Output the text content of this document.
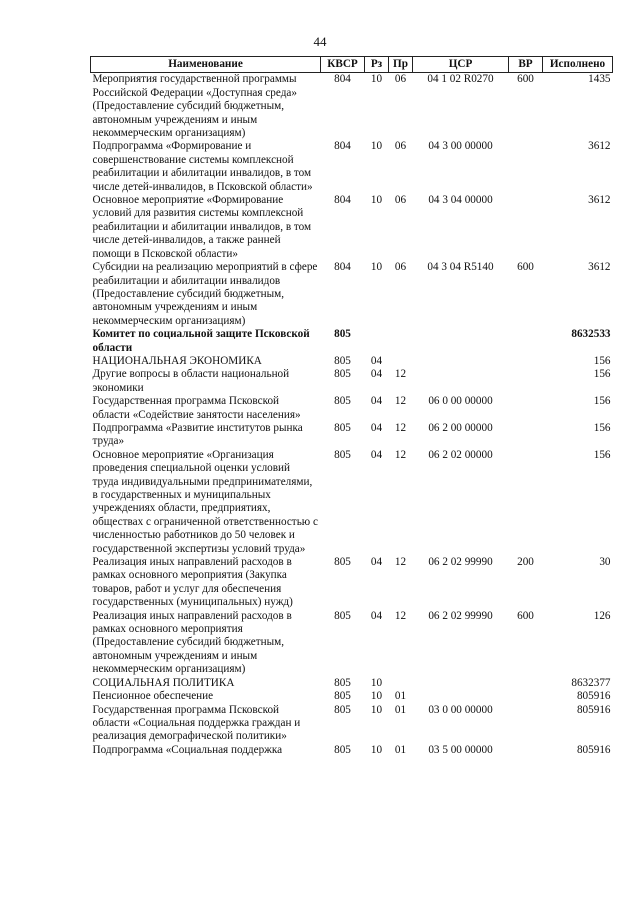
44
Наименование	КВСР	Рз	Пр	ЦСР	ВР	Исполнено
Мероприятия государственной программы Российской Федерации «Доступная среда» (Предоставление субсидий бюджетным, автономным учреждениям и иным некоммерческим организациям)	804	10	06	04 1 02 R0270	600	1435
Подпрограмма «Формирование и совершенствование системы комплексной реабилитации и абилитации инвалидов, в том числе детей-инвалидов, в Псковской области»	804	10	06	04 3 00 00000		3612
Основное мероприятие «Формирование условий для развития системы комплексной реабилитации и абилитации инвалидов, в том числе детей-инвалидов, а также ранней помощи в Псковской области»	804	10	06	04 3 04 00000		3612
Субсидии на реализацию мероприятий в сфере реабилитации и абилитации инвалидов (Предоставление субсидий бюджетным, автономным учреждениям и иным некоммерческим организациям)	804	10	06	04 3 04 R5140	600	3612
Комитет по социальной защите Псковской области	805					8632533
НАЦИОНАЛЬНАЯ ЭКОНОМИКА	805	04				156
Другие вопросы в области национальной экономики	805	04	12			156
Государственная программа Псковской области «Содействие занятости населения»	805	04	12	06 0 00 00000		156
Подпрограмма «Развитие институтов рынка труда»	805	04	12	06 2 00 00000		156
Основное мероприятие «Организация проведения специальной оценки условий труда индивидуальными предпринимателями, в государственных и муниципальных учреждениях области, предприятиях, обществах с ограниченной ответственностью с численностью работников до 50 человек и государственной экспертизы условий труда»	805	04	12	06 2 02 00000		156
Реализация иных направлений расходов в рамках основного мероприятия (Закупка товаров, работ и услуг для обеспечения государственных (муниципальных) нужд)	805	04	12	06 2 02 99990	200	30
Реализация иных направлений расходов в рамках основного мероприятия (Предоставление субсидий бюджетным, автономным учреждениям и иным некоммерческим организациям)	805	04	12	06 2 02 99990	600	126
СОЦИАЛЬНАЯ ПОЛИТИКА	805	10				8632377
Пенсионное обеспечение	805	10	01			805916
Государственная программа Псковской области «Социальная поддержка граждан и реализация демографической политики»	805	10	01	03 0 00 00000		805916
Подпрограмма «Социальная поддержка	805	10	01	03 5 00 00000		805916
